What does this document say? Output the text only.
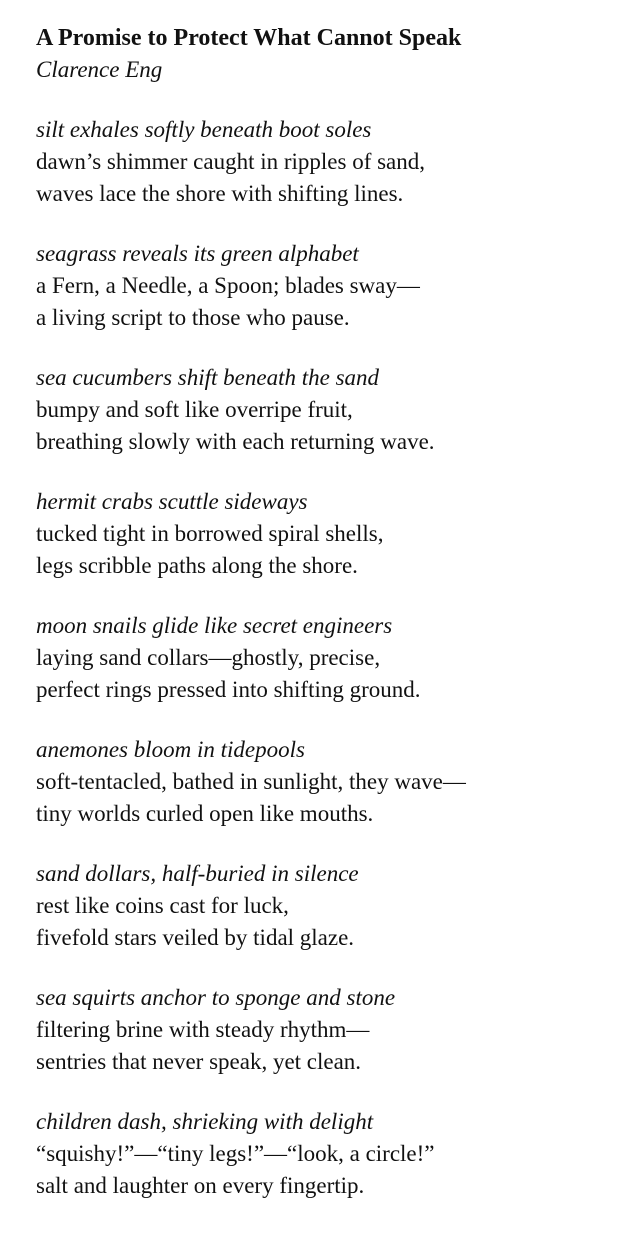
A Promise to Protect What Cannot Speak

Clarence Eng

silt exhales softly beneath boot soles
dawn’s shimmer caught in ripples of sand,
waves lace the shore with shifting lines.
seagrass reveals its green alphabet
a Fern, a Needle, a Spoon; blades sway—
a living script to those who pause.
sea cucumbers shift beneath the sand
bumpy and soft like overripe fruit,
breathing slowly with each returning wave.
hermit crabs scuttle sideways
tucked tight in borrowed spiral shells,
legs scribble paths along the shore.
moon snails glide like secret engineers
laying sand collars—ghostly, precise,
perfect rings pressed into shifting ground.
anemones bloom in tidepools
soft-tentacled, bathed in sunlight, they wave—
tiny worlds curled open like mouths.
sand dollars, half-buried in silence
rest like coins cast for luck,
fivefold stars veiled by tidal glaze.
sea squirts anchor to sponge and stone
filtering brine with steady rhythm—
sentries that never speak, yet clean.
children dash, shrieking with delight
“squishy!”—“tiny legs!”—“look, a circle!”
salt and laughter on every fingertip.
